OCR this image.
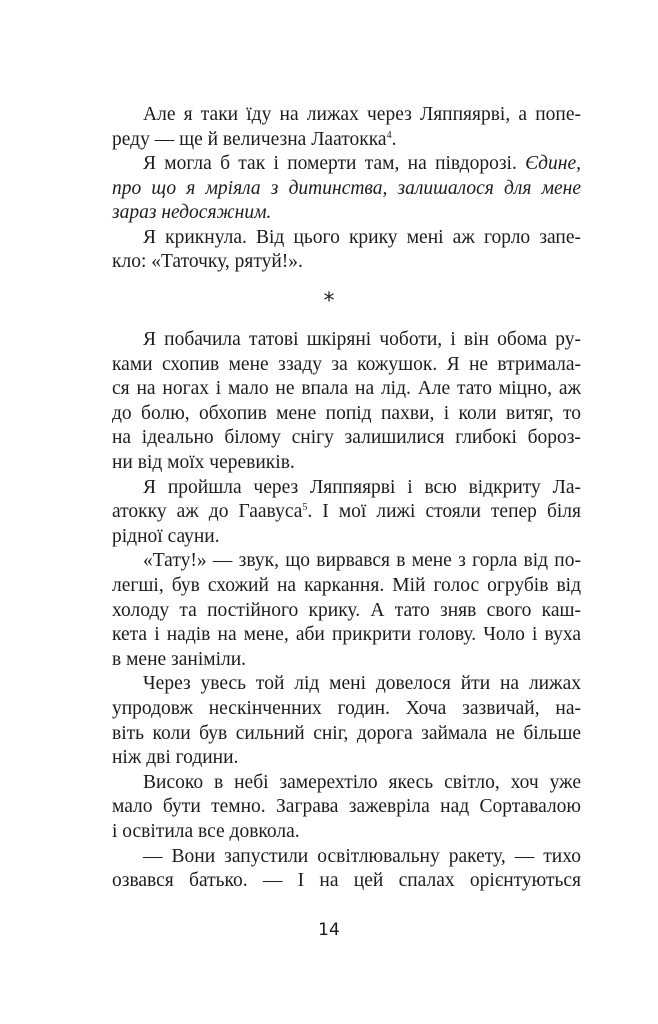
Але я таки їду на лижах через Ляппяярві, а попе-
реду — ще й величезна Лаатокка$^4$.
Я могла б так і померти там, на півдорозі. Єдине,
про що я мріяла з дитинства, залишалося для мене
зараз недосяжним.
Я крикнула. Від цього крику мені аж горло запе-
кло: «Таточку, рятуй!».
Я побачила татові шкіряні чоботи, і він обома ру-
ками схопив мене ззаду за кожушок. Я не втримала-
ся на ногах і мало не впала на лід. Але тато міцно, аж
до болю, обхопив мене попід пахви, і коли витяг, то
на ідеально білому снігу залишилися глибокі бороз-
ни від моїх черевиків.
Я пройшла через Ляппяярві і всю відкриту Ла-
атокку аж до Гаавуса$^5$. І мої лижі стояли тепер біля
рідної сауни.
«Тату!» — звук, що вирвався в мене з горла від по-
легші, був схожий на каркання. Мій голос огрубів від
холоду та постійного крику. А тато зняв свого каш-
кета і надів на мене, аби прикрити голову. Чоло і вуха
в мене заніміли.
Через увесь той лід мені довелося йти на лижах
упродовж нескінченних годин. Хоча зазвичай, на-
віть коли був сильний сніг, дорога займала не більше
ніж дві години.
Високо в небі замерехтіло якесь світло, хоч уже
мало бути темно. Заграва зажевріла над Сортавалою
і освітила все довкола.
— Вони запустили освітлювальну ракету, — тихо
озвався батько. — І на цей спалах орієнтуються
*
14
